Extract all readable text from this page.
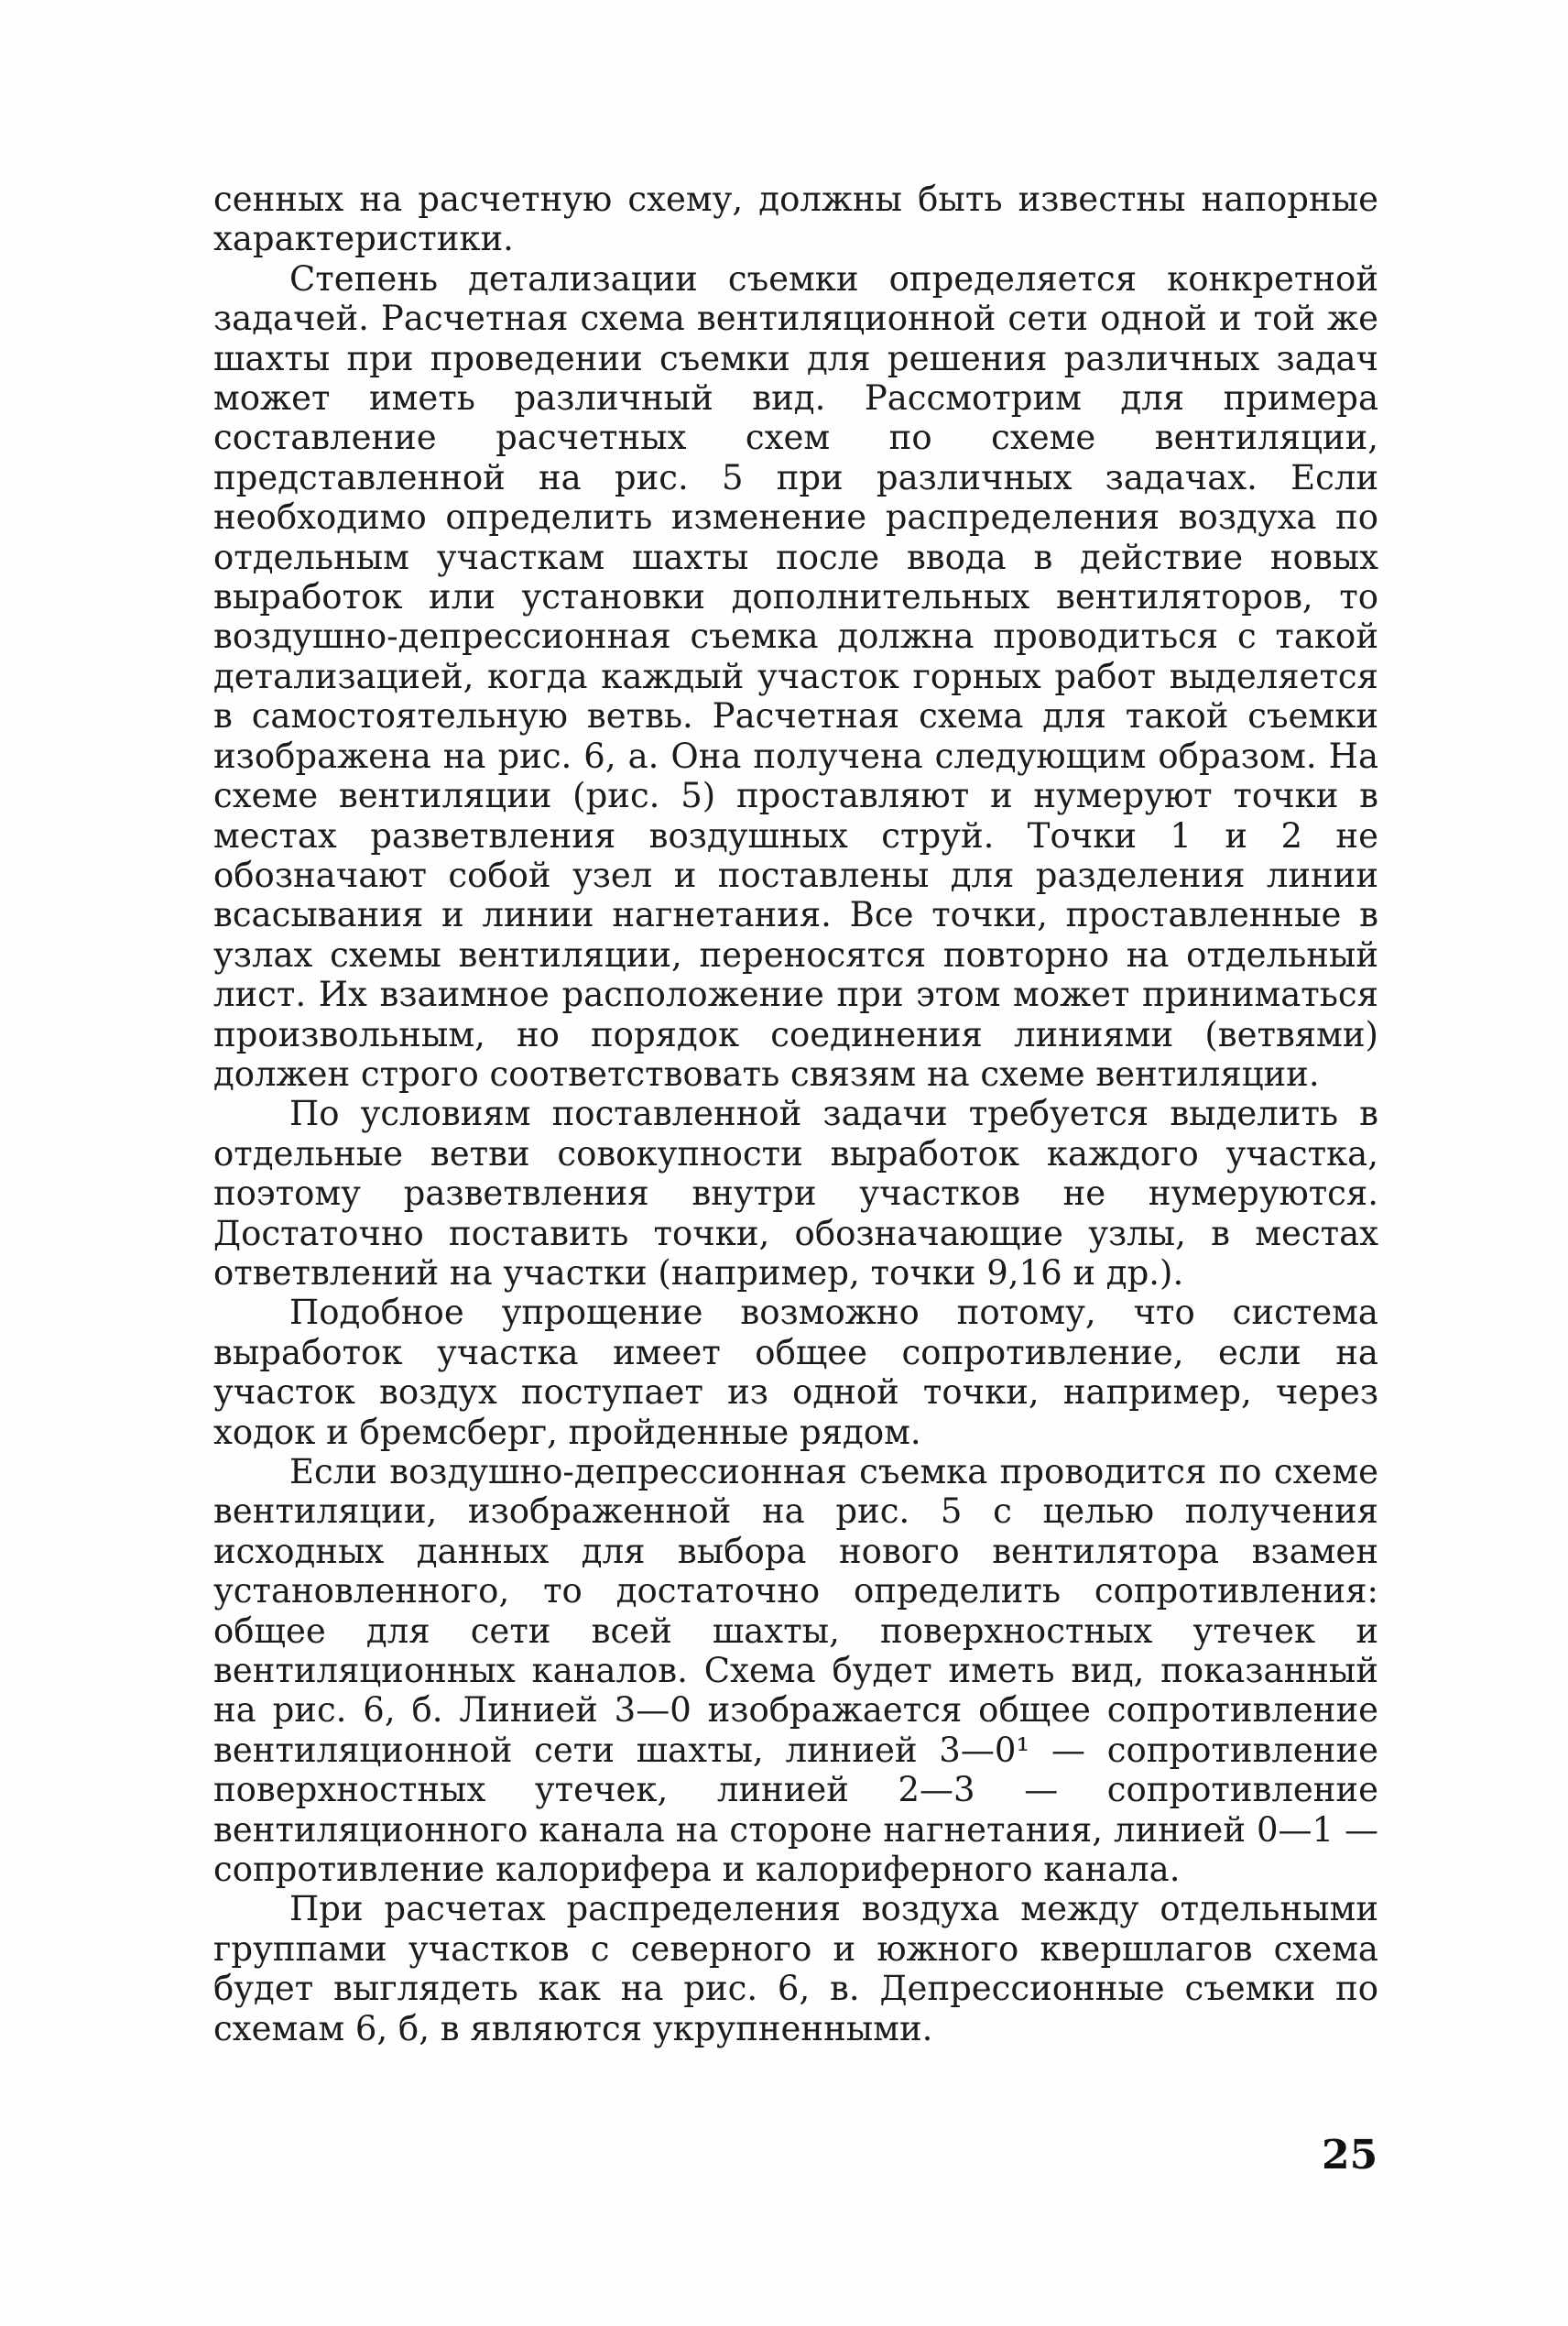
сенных на расчетную схему, должны быть известны напорные характеристики.

Степень детализации съемки определяется конкретной задачей. Расчетная схема вентиляционной сети одной и той же шахты при проведении съемки для решения различных задач может иметь различный вид. Рассмотрим для примера составление расчетных схем по схеме вентиляции, представленной на рис. 5 при различных задачах. Если необходимо определить изменение распределения воздуха по отдельным участкам шахты после ввода в действие новых выработок или установки дополнительных вентиляторов, то воздушно-депрессионная съемка должна проводиться с такой детализацией, когда каждый участок горных работ выделяется в самостоятельную ветвь. Расчетная схема для такой съемки изображена на рис. 6, а. Она получена следующим образом. На схеме вентиляции (рис. 5) проставляют и нумеруют точки в местах разветвления воздушных струй. Точки 1 и 2 не обозначают собой узел и поставлены для разделения линии всасывания и линии нагнетания. Все точки, проставленные в узлах схемы вентиляции, переносятся повторно на отдельный лист. Их взаимное расположение при этом может приниматься произвольным, но порядок соединения линиями (ветвями) должен строго соответствовать связям на схеме вентиляции.

По условиям поставленной задачи требуется выделить в отдельные ветви совокупности выработок каждого участка, поэтому разветвления внутри участков не нумеруются. Достаточно поставить точки, обозначающие узлы, в местах ответвлений на участки (например, точки 9,16 и др.).

Подобное упрощение возможно потому, что система выработок участка имеет общее сопротивление, если на участок воздух поступает из одной точки, например, через ходок и бремсберг, пройденные рядом.

Если воздушно-депрессионная съемка проводится по схеме вентиляции, изображенной на рис. 5 с целью получения исходных данных для выбора нового вентилятора взамен установленного, то достаточно определить сопротивления: общее для сети всей шахты, поверхностных утечек и вентиляционных каналов. Схема будет иметь вид, показанный на рис. 6, б. Линией 3—0 изображается общее сопротивление вентиляционной сети шахты, линией 3—0¹ — сопротивление поверхностных утечек, линией 2—3 — сопротивление вентиляционного канала на стороне нагнетания, линией 0—1 — сопротивление калорифера и калориферного канала.

При расчетах распределения воздуха между отдельными группами участков с северного и южного квершлагов схема будет выглядеть как на рис. 6, в. Депрессионные съемки по схемам 6, б, в являются укрупненными.

25
